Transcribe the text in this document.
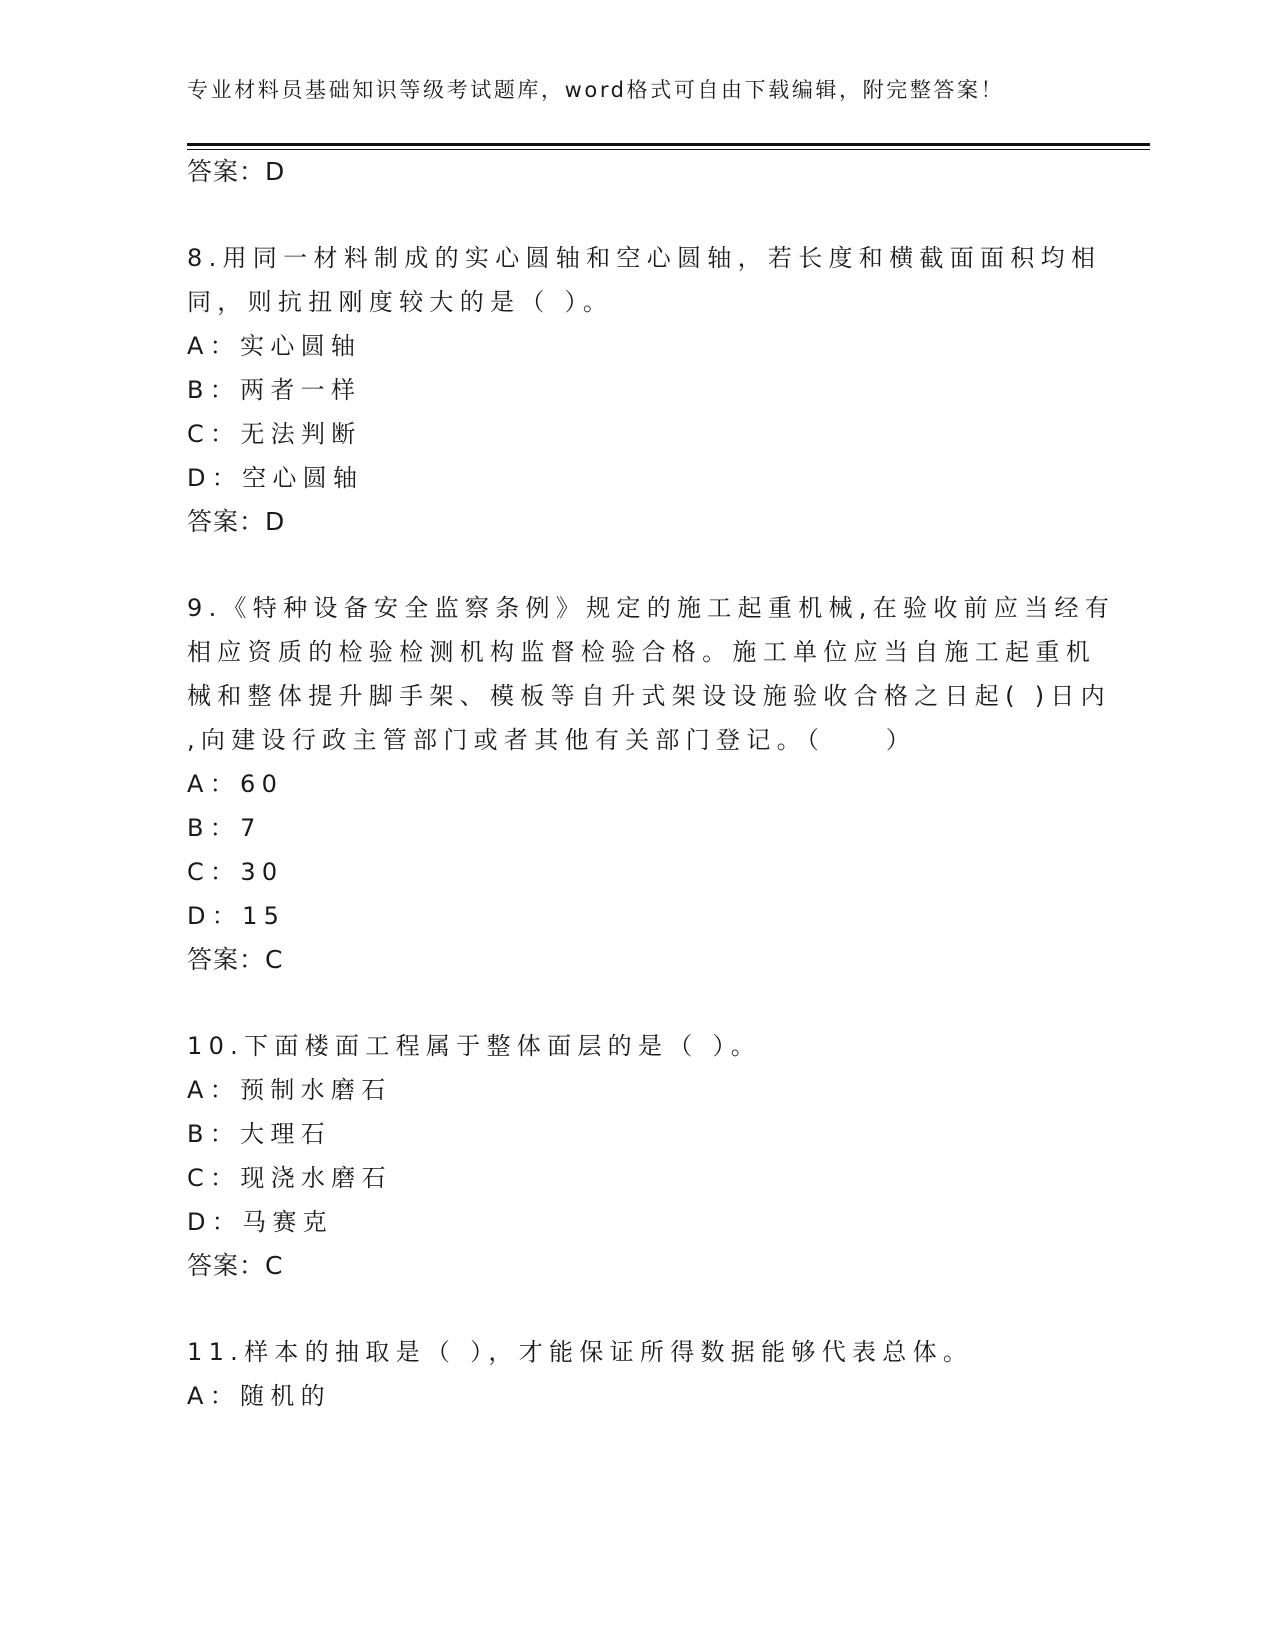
专业材料员基础知识等级考试题库，word格式可自由下载编辑，附完整答案！
答案：D
8.用同一材料制成的实心圆轴和空心圆轴，若长度和横截面面积均相
同，则抗扭刚度较大的是（ ）。
A：实心圆轴
B：两者一样
C：无法判断
D：空心圆轴
答案：D
9.《特种设备安全监察条例》规定的施工起重机械,在验收前应当经有
相应资质的检验检测机构监督检验合格。施工单位应当自施工起重机
械和整体提升脚手架、模板等自升式架设设施验收合格之日起( )日内
,向建设行政主管部门或者其他有关部门登记。（　　）
A：60
B：7
C：30
D：15
答案：C
10.下面楼面工程属于整体面层的是（ ）。
A：预制水磨石
B：大理石
C：现浇水磨石
D：马赛克
答案：C
11.样本的抽取是（ ），才能保证所得数据能够代表总体。
A：随机的
